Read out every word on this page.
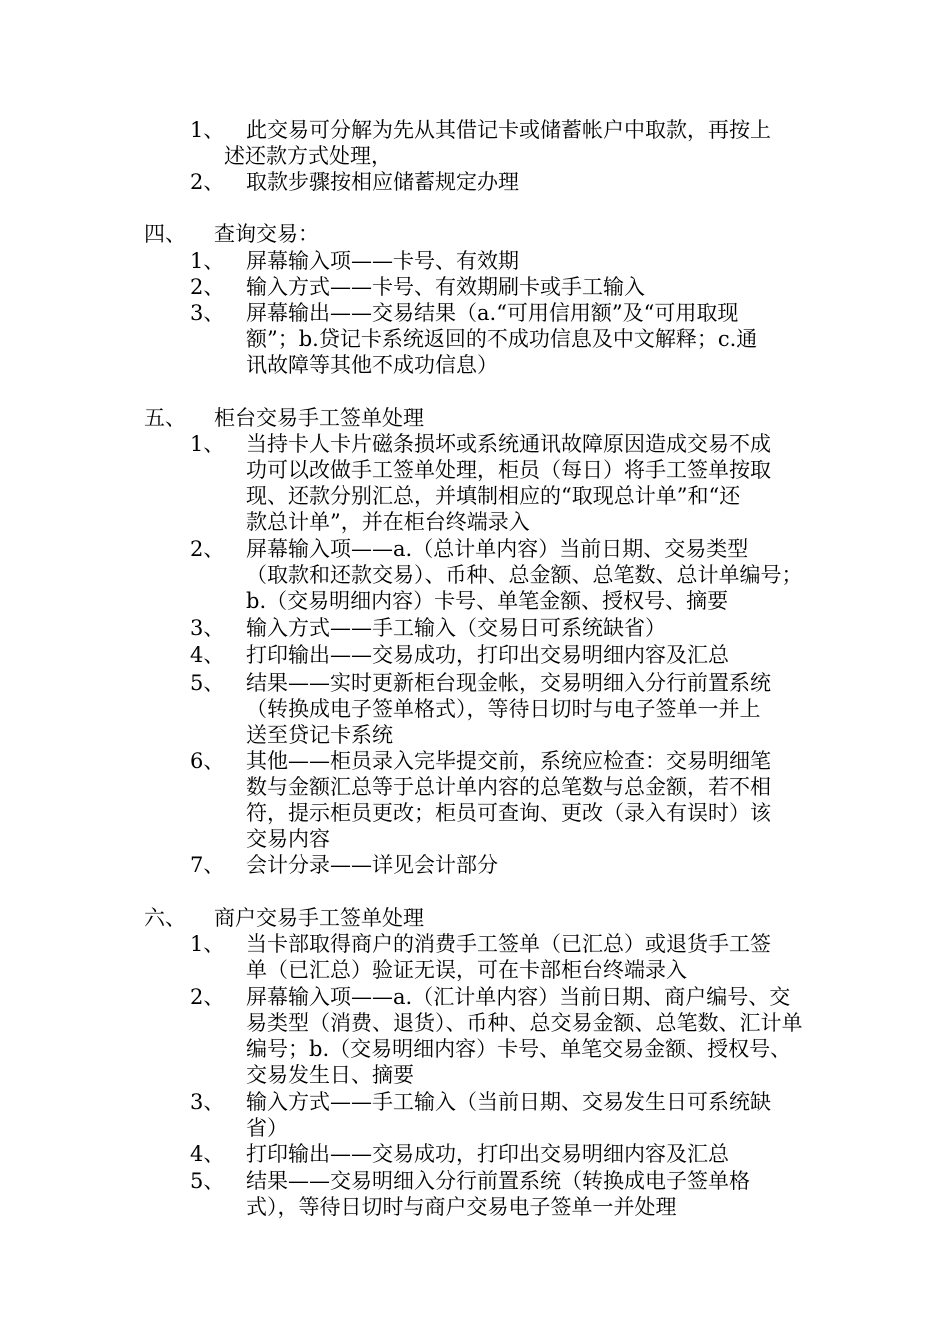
1、 此交易可分解为先从其借记卡或储蓄帐户中取款，再按上
述还款方式处理，
2、 取款步骤按相应储蓄规定办理
四、 查询交易：
1、 屏幕输入项——卡号、有效期
2、 输入方式——卡号、有效期刷卡或手工输入
3、 屏幕输出——交易结果（a.“可用信用额”及“可用取现
额”；b.贷记卡系统返回的不成功信息及中文解释；c.通
讯故障等其他不成功信息）
五、 柜台交易手工签单处理
1、 当持卡人卡片磁条损坏或系统通讯故障原因造成交易不成
功可以改做手工签单处理，柜员（每日）将手工签单按取
现、还款分别汇总，并填制相应的“取现总计单”和“还
款总计单”，并在柜台终端录入
2、 屏幕输入项——a.（总计单内容）当前日期、交易类型
（取款和还款交易）、币种、总金额、总笔数、总计单编号；
b.（交易明细内容）卡号、单笔金额、授权号、摘要
3、 输入方式——手工输入（交易日可系统缺省）
4、 打印输出——交易成功，打印出交易明细内容及汇总
5、 结果——实时更新柜台现金帐，交易明细入分行前置系统
（转换成电子签单格式），等待日切时与电子签单一并上
送至贷记卡系统
6、 其他——柜员录入完毕提交前，系统应检查：交易明细笔
数与金额汇总等于总计单内容的总笔数与总金额，若不相
符，提示柜员更改；柜员可查询、更改（录入有误时）该
交易内容
7、 会计分录——详见会计部分
六、 商户交易手工签单处理
1、 当卡部取得商户的消费手工签单（已汇总）或退货手工签
单（已汇总）验证无误，可在卡部柜台终端录入
2、 屏幕输入项——a.（汇计单内容）当前日期、商户编号、交
易类型（消费、退货）、币种、总交易金额、总笔数、汇计单
编号；b.（交易明细内容）卡号、单笔交易金额、授权号、
交易发生日、摘要
3、 输入方式——手工输入（当前日期、交易发生日可系统缺
省）
4、 打印输出——交易成功，打印出交易明细内容及汇总
5、 结果——交易明细入分行前置系统（转换成电子签单格
式），等待日切时与商户交易电子签单一并处理
